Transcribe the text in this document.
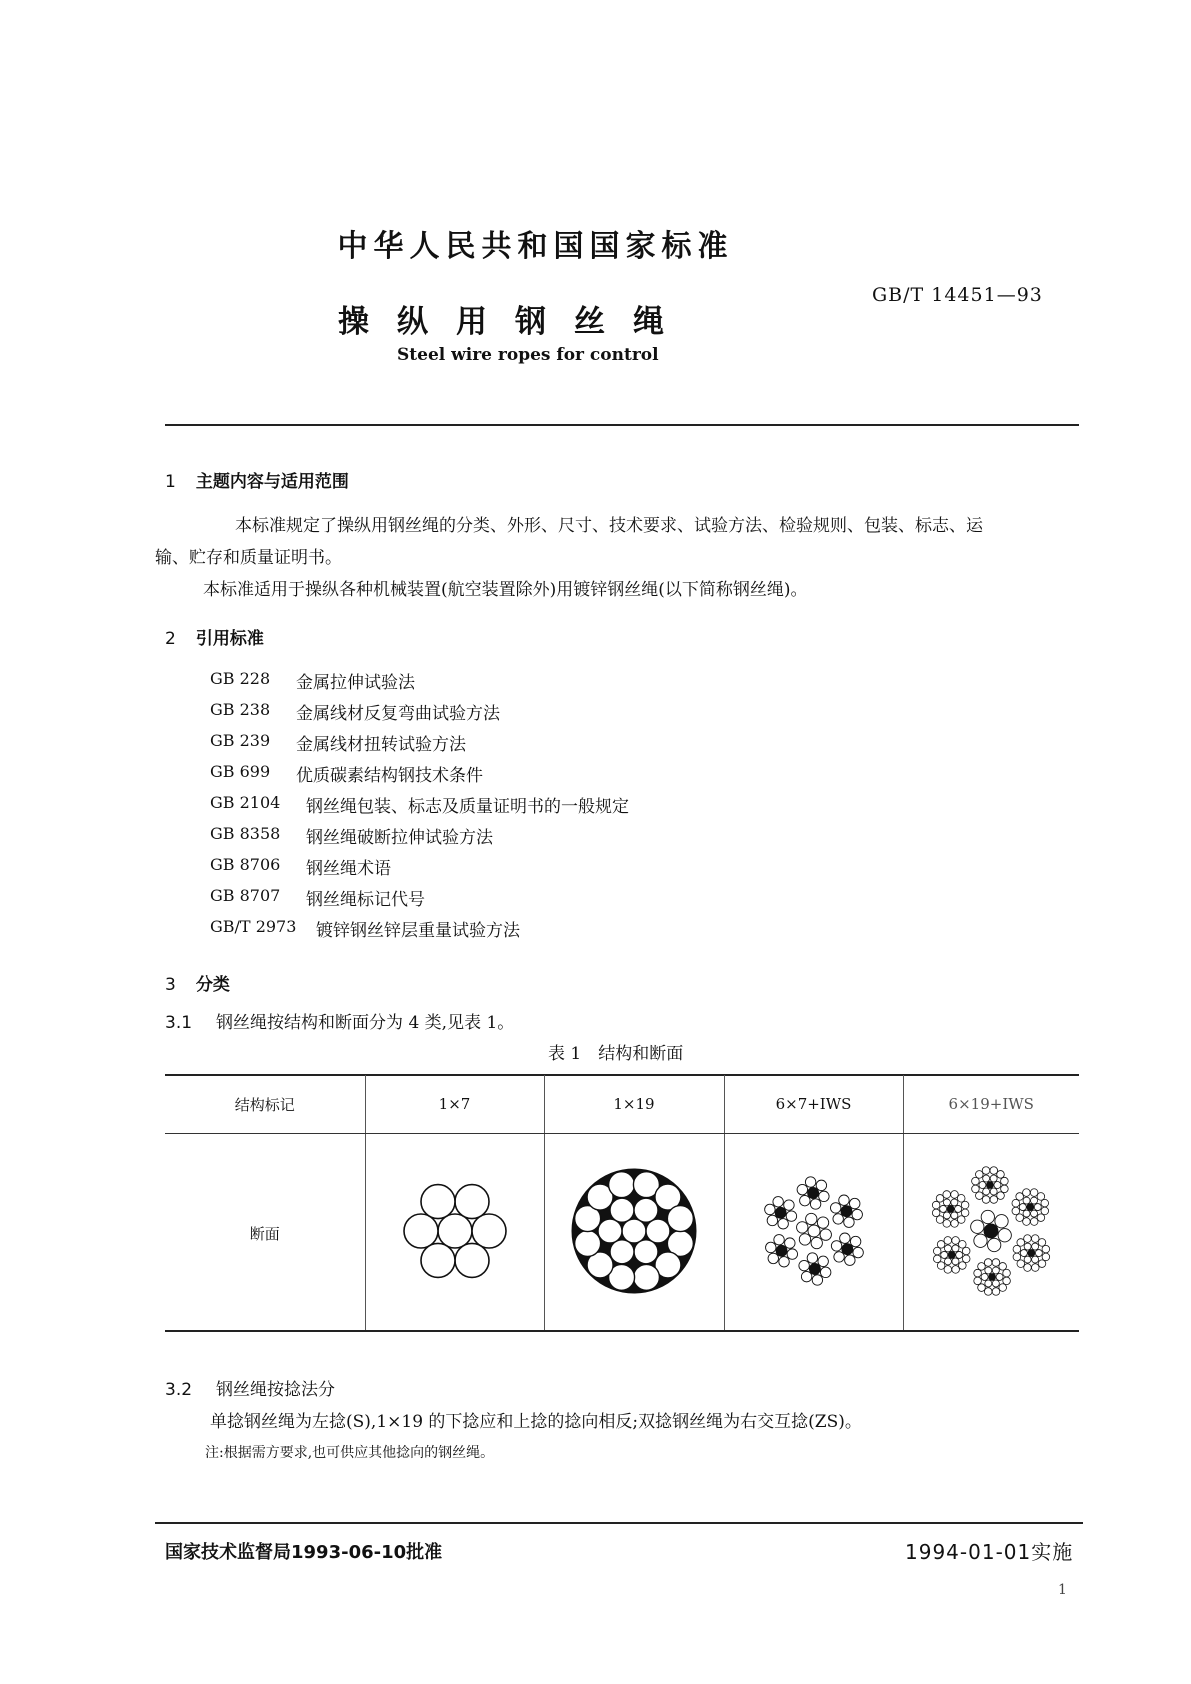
中华人民共和国国家标准
操纵用钢丝绳
Steel wire ropes for control
GB/T 14451—93
1 主题内容与适用范围
本标准规定了操纵用钢丝绳的分类、外形、尺寸、技术要求、试验方法、检验规则、包装、标志、运
输、贮存和质量证明书。
本标准适用于操纵各种机械装置(航空装置除外)用镀锌钢丝绳(以下简称钢丝绳)。
2 引用标准
GB 228 金属拉伸试验法
GB 238 金属线材反复弯曲试验方法
GB 239 金属线材扭转试验方法
GB 699 优质碳素结构钢技术条件
GB 2104 钢丝绳包装、标志及质量证明书的一般规定
GB 8358 钢丝绳破断拉伸试验方法
GB 8706 钢丝绳术语
GB 8707 钢丝绳标记代号
GB/T 2973 镀锌钢丝锌层重量试验方法
3 分类
3.1 钢丝绳按结构和断面分为 4 类,见表 1。
表 1　结构和断面
结构标记	1×7	1×19	6×7+IWS	6×19+IWS
断面				
3.2 钢丝绳按捻法分
单捻钢丝绳为左捻(S),1×19 的下捻应和上捻的捻向相反;双捻钢丝绳为右交互捻(ZS)。
注:根据需方要求,也可供应其他捻向的钢丝绳。
国家技术监督局1993-06-10批准	1994-01-01实施
1
